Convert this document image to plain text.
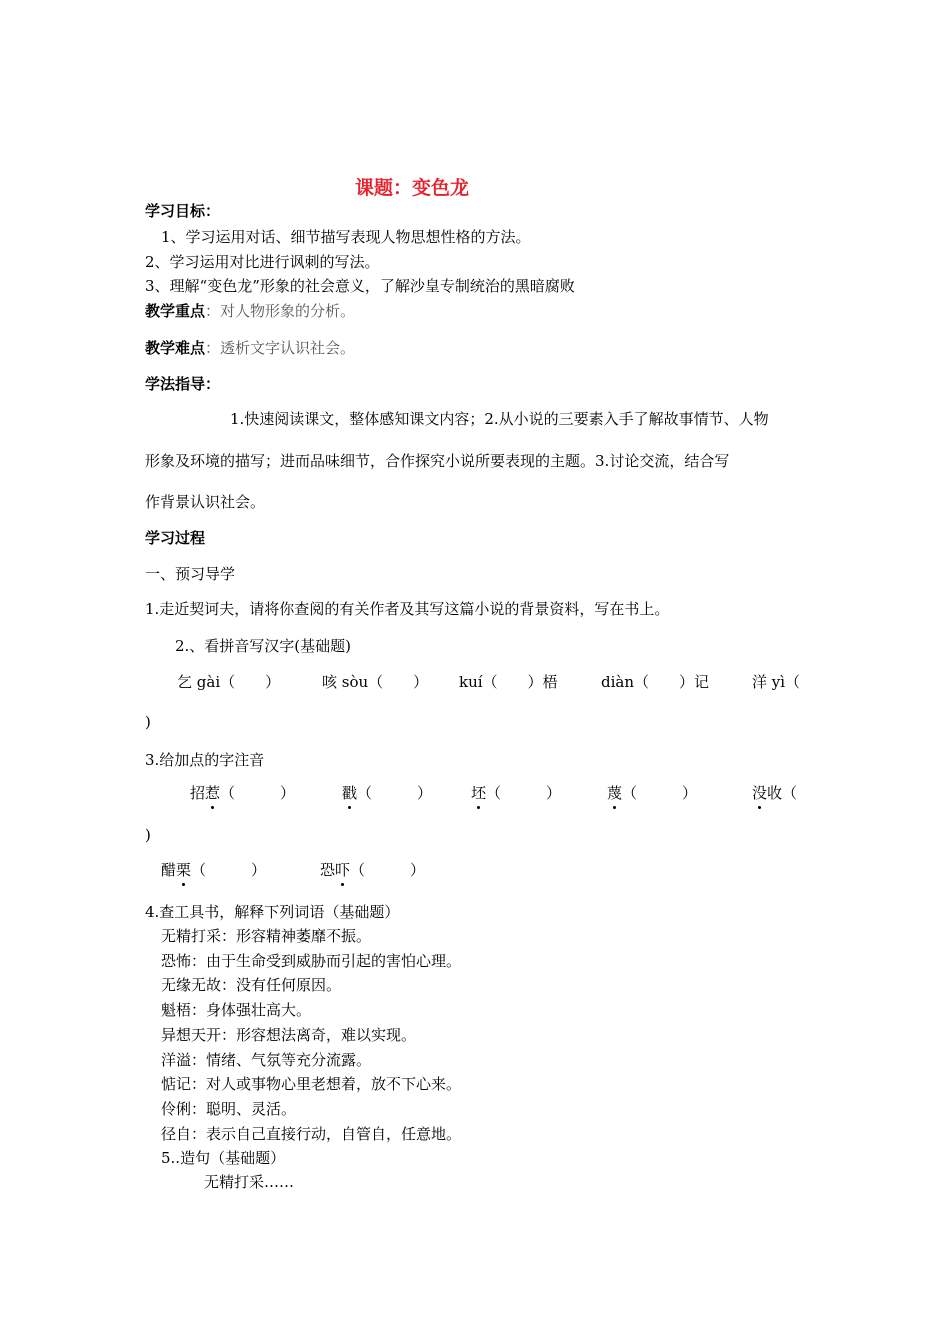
课题：变色龙
学习目标：
1、学习运用对话、细节描写表现人物思想性格的方法。
2、学习运用对比进行讽刺的写法。
3、理解“变色龙”形象的社会意义，了解沙皇专制统治的黑暗腐败
教学重点：对人物形象的分析。
教学难点：透析文字认识社会。
学法指导：
1.快速阅读课文，整体感知课文内容；2.从小说的三要素入手了解故事情节、人物
形象及环境的描写；进而品味细节，合作探究小说所要表现的主题。3.讨论交流，结合写
作背景认识社会。
学习过程
一、预习导学
1.走近契诃夫，请将你查阅的有关作者及其写这篇小说的背景资料，写在书上。
2.、看拼音写汉字(基础题)
乞 gài（　　）	咳 sòu（　　） kuí（　　）梧	diàn（　　）记	洋 yì（
)
3.给加点的字注音
招惹（　　　）	戳（　　　）	坯（　　　）	蔑（　　　）	没收（
)
醋栗（　　　）	恐吓（　　　）
4.查工具书，解释下列词语（基础题）
无精打采：形容精神萎靡不振。
恐怖：由于生命受到威胁而引起的害怕心理。
无缘无故：没有任何原因。
魁梧：身体强壮高大。
异想天开：形容想法离奇，难以实现。
洋溢：情绪、气氛等充分流露。
惦记：对人或事物心里老想着，放不下心来。
伶俐：聪明、灵活。
径自：表示自己直接行动，自管自，任意地。
5..造句（基础题）
无精打采……
